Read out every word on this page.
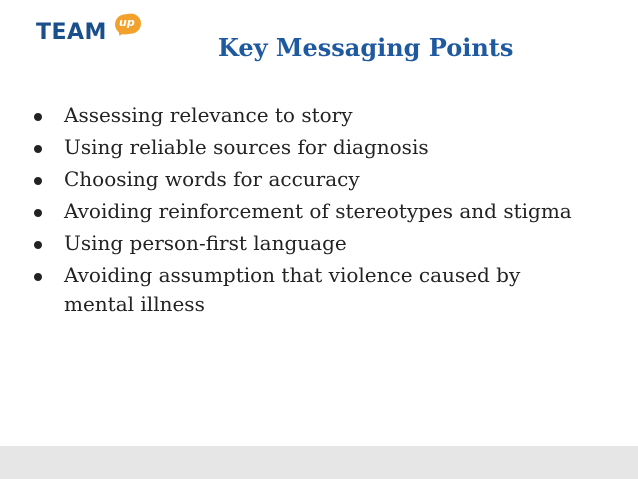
TEAM up
Key Messaging Points
Assessing relevance to story
Using reliable sources for diagnosis
Choosing words for accuracy
Avoiding reinforcement of stereotypes and stigma
Using person-first language
Avoiding assumption that violence caused by mental illness
